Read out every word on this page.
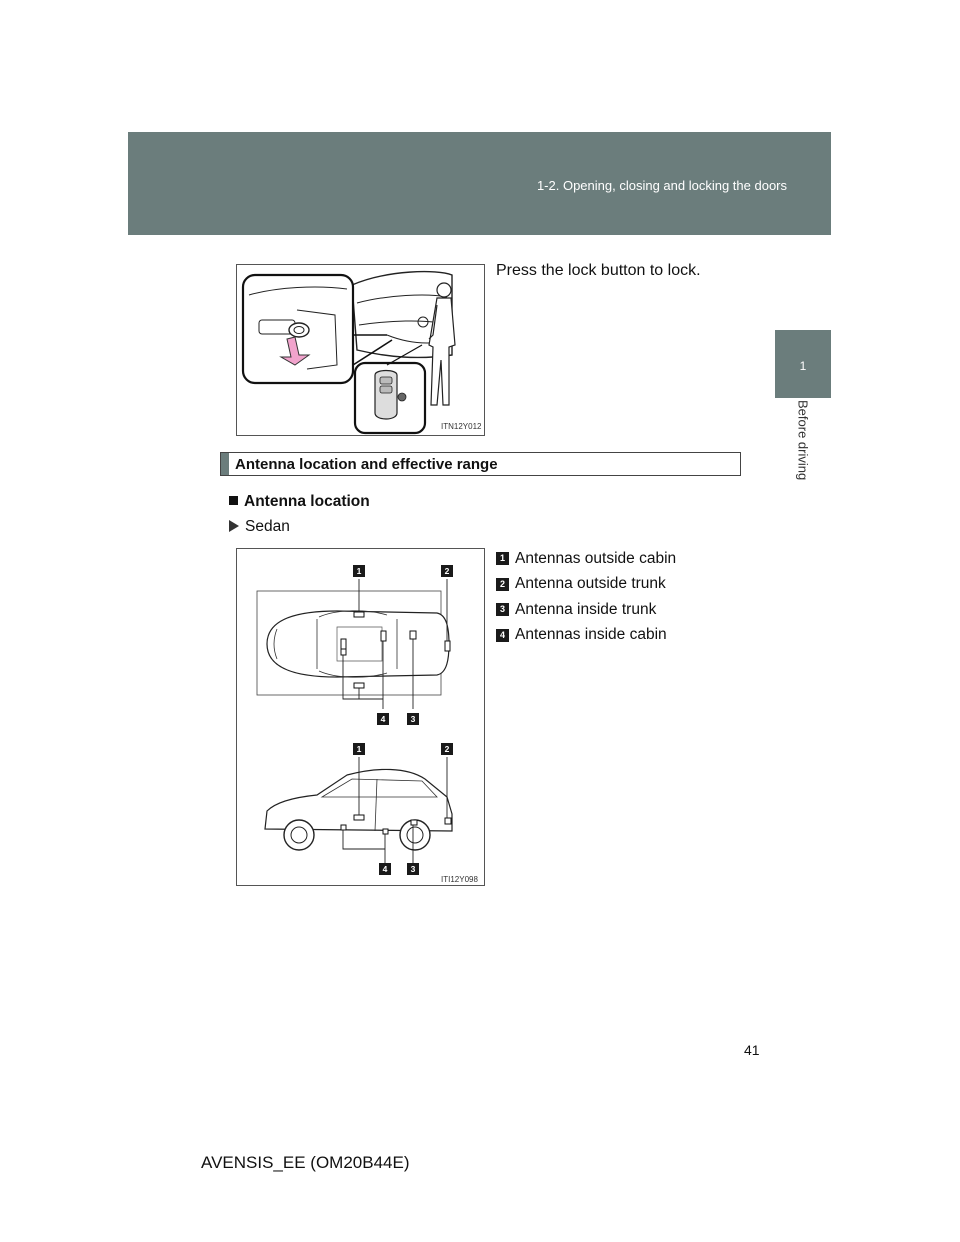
1-2. Opening, closing and locking the doors
1
Before driving
ITN12Y012
Press the lock button to lock.
Antenna location and effective range
Antenna location
Sedan
1	2
4	3
1	2
4	3
ITI12Y098
1 Antennas outside cabin
2 Antenna outside trunk
3 Antenna inside trunk
4 Antennas inside cabin
41
AVENSIS_EE (OM20B44E)
